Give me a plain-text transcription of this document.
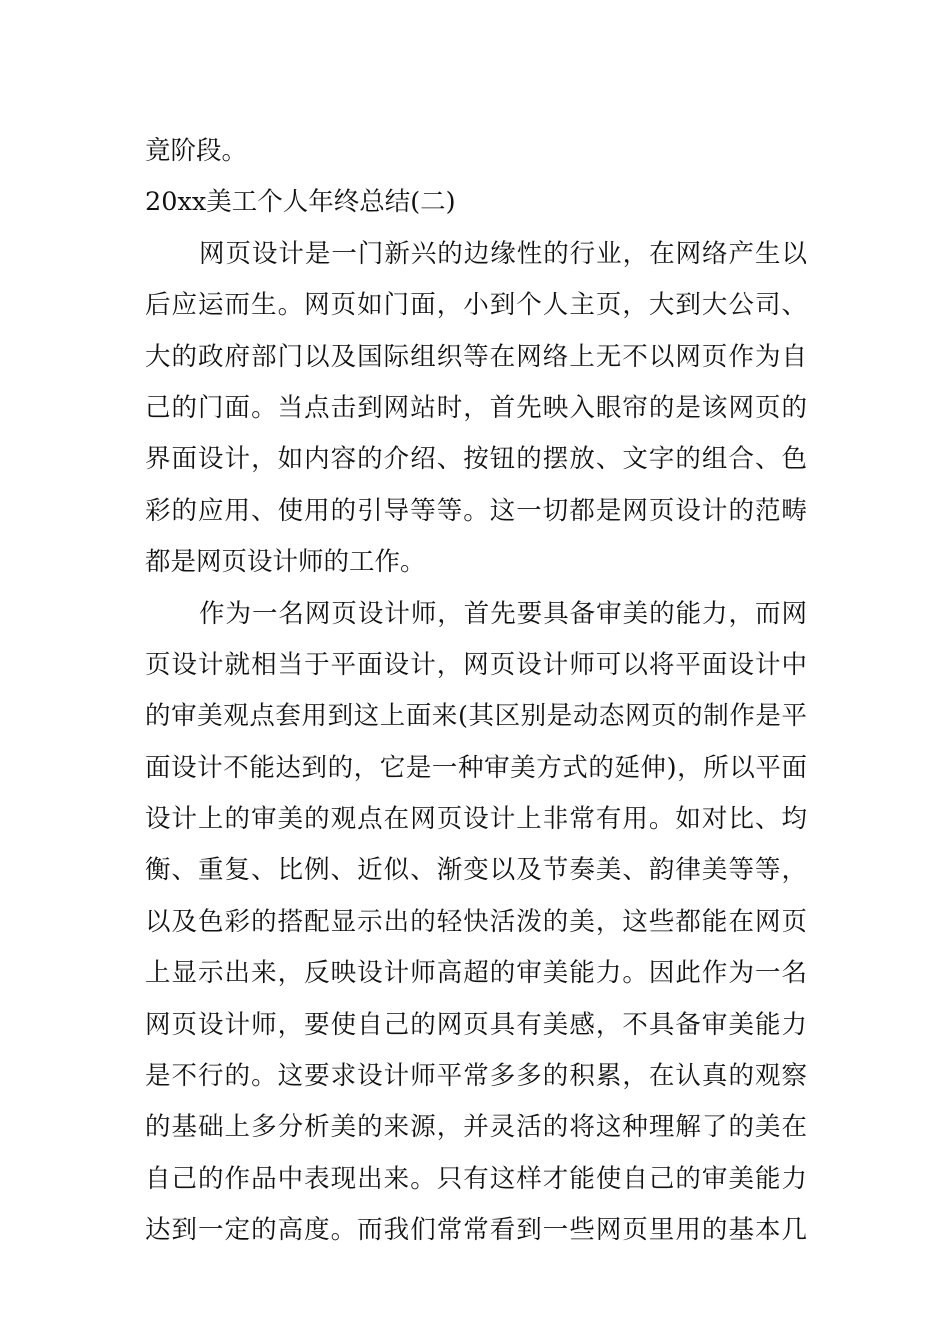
竟阶段。
20xx美工个人年终总结(二)
网页设计是一门新兴的边缘性的行业，在网络产生以
后应运而生。网页如门面，小到个人主页，大到大公司、
大的政府部门以及国际组织等在网络上无不以网页作为自
己的门面。当点击到网站时，首先映入眼帘的是该网页的
界面设计，如内容的介绍、按钮的摆放、文字的组合、色
彩的应用、使用的引导等等。这一切都是网页设计的范畴
都是网页设计师的工作。
作为一名网页设计师，首先要具备审美的能力，而网
页设计就相当于平面设计，网页设计师可以将平面设计中
的审美观点套用到这上面来(其区别是动态网页的制作是平
面设计不能达到的，它是一种审美方式的延伸)，所以平面
设计上的审美的观点在网页设计上非常有用。如对比、均
衡、重复、比例、近似、渐变以及节奏美、韵律美等等，
以及色彩的搭配显示出的轻快活泼的美，这些都能在网页
上显示出来，反映设计师高超的审美能力。因此作为一名
网页设计师，要使自己的网页具有美感，不具备审美能力
是不行的。这要求设计师平常多多的积累，在认真的观察
的基础上多分析美的来源，并灵活的将这种理解了的美在
自己的作品中表现出来。只有这样才能使自己的审美能力
达到一定的高度。而我们常常看到一些网页里用的基本几
